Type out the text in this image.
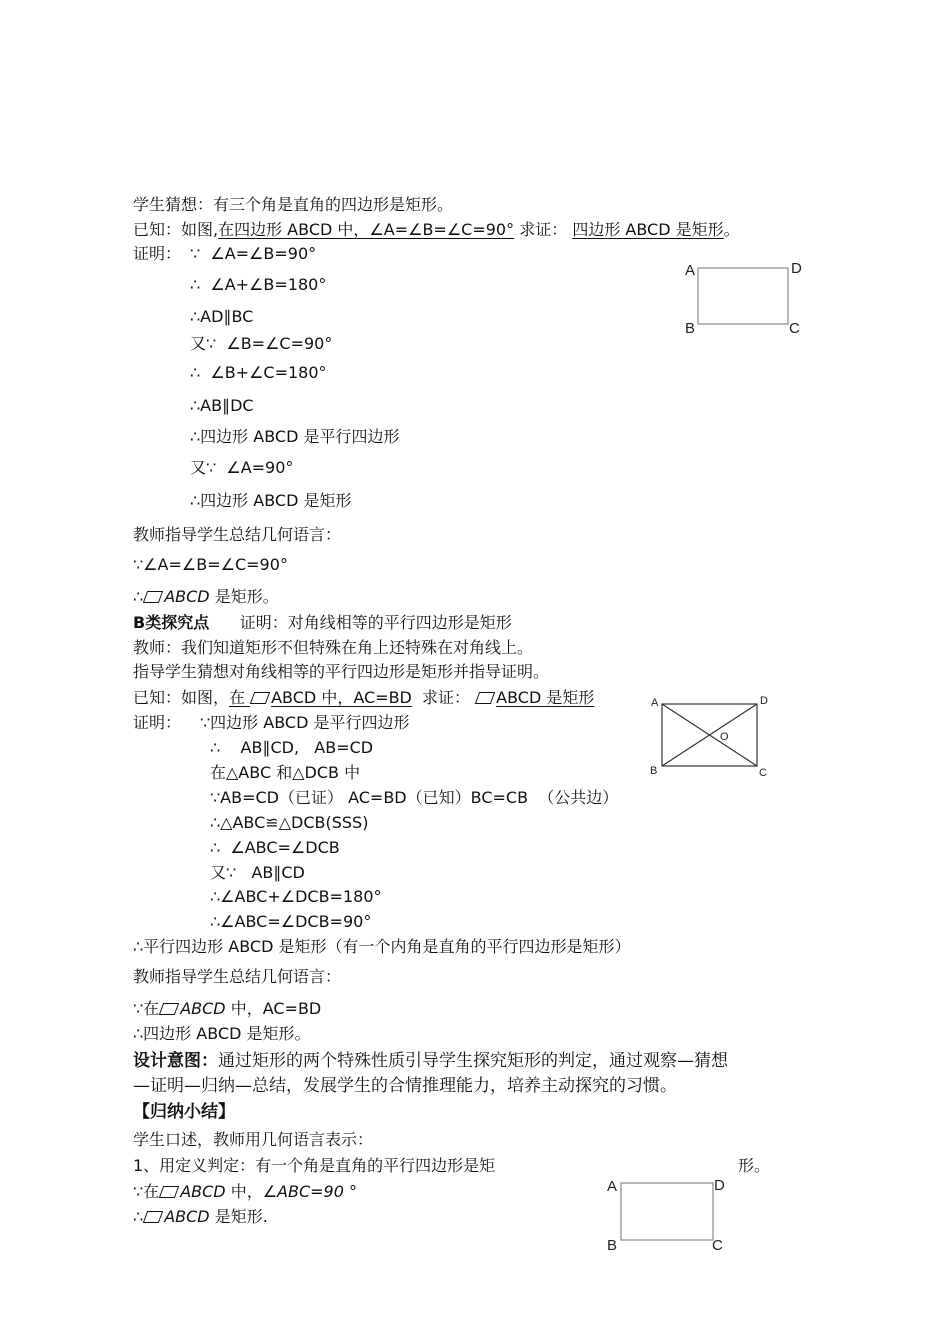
学生猜想：有三个角是直角的四边形是矩形。
已知：如图,在四边形 ABCD 中，∠A=∠B=∠C=90° 求证： 四边形 ABCD 是矩形。
证明： ∵  ∠A=∠B=90°
∴  ∠A+∠B=180°
∴AD∥BC
又∵  ∠B=∠C=90°
∴  ∠B+∠C=180°
∴AB∥DC
∴四边形 ABCD 是平行四边形
又∵  ∠A=90°
∴四边形 ABCD 是矩形
教师指导学生总结几何语言：
∵∠A=∠B=∠C=90°
∴ ABCD 是矩形。
A	D
B	C
B类探究点 证明：对角线相等的平行四边形是矩形
教师：我们知道矩形不但特殊在角上还特殊在对角线上。
指导学生猜想对角线相等的平行四边形是矩形并指导证明。
已知：如图，在 ABCD 中，AC=BD 求证： ABCD 是矩形
证明： ∵四边形 ABCD 是平行四边形
∴    AB∥CD,   AB=CD
在△ABC 和△DCB 中
∵AB=CD（已证） AC=BD（已知）BC=CB  （公共边）
∴△ABC≌△DCB(SSS)
∴  ∠ABC=∠DCB
又∵   AB∥CD
∴∠ABC+∠DCB=180°
∴∠ABC=∠DCB=90°
∴平行四边形 ABCD 是矩形（有一个内角是直角的平行四边形是矩形）
教师指导学生总结几何语言：
∵在 ABCD 中，AC=BD
∴四边形 ABCD 是矩形。
A	D
B	C
O
设计意图：通过矩形的两个特殊性质引导学生探究矩形的判定，通过观察—猜想
—证明—归纳—总结，发展学生的合情推理能力，培养主动探究的习惯。
【归纳小结】
学生口述，教师用几何语言表示：
1、用定义判定：有一个角是直角的平行四边形是矩	形。
∵在 ABCD 中，∠ABC=90 °
∴ ABCD 是矩形.
A	D
B	C
